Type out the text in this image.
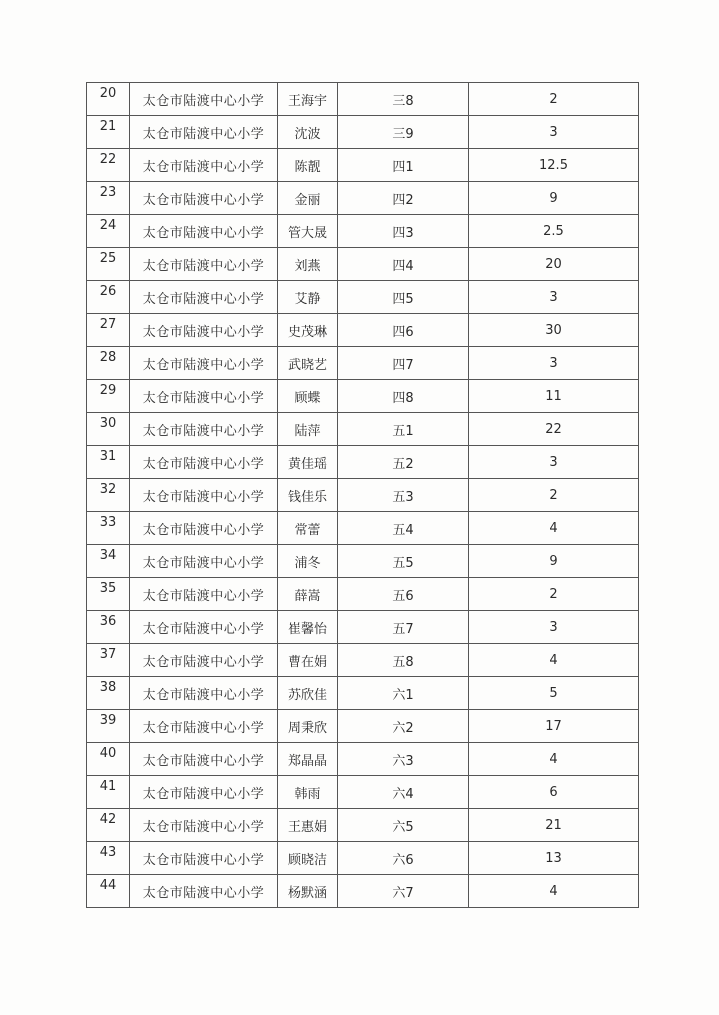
20	太仓市陆渡中心小学	王海宇	三8	2
21	太仓市陆渡中心小学	沈波	三9	3
22	太仓市陆渡中心小学	陈靓	四1	12.5
23	太仓市陆渡中心小学	金丽	四2	9
24	太仓市陆渡中心小学	管大晟	四3	2.5
25	太仓市陆渡中心小学	刘燕	四4	20
26	太仓市陆渡中心小学	艾静	四5	3
27	太仓市陆渡中心小学	史茂琳	四6	30
28	太仓市陆渡中心小学	武晓艺	四7	3
29	太仓市陆渡中心小学	顾蝶	四8	11
30	太仓市陆渡中心小学	陆萍	五1	22
31	太仓市陆渡中心小学	黄佳瑶	五2	3
32	太仓市陆渡中心小学	钱佳乐	五3	2
33	太仓市陆渡中心小学	常蕾	五4	4
34	太仓市陆渡中心小学	浦冬	五5	9
35	太仓市陆渡中心小学	薛嵩	五6	2
36	太仓市陆渡中心小学	崔馨怡	五7	3
37	太仓市陆渡中心小学	曹在娟	五8	4
38	太仓市陆渡中心小学	苏欣佳	六1	5
39	太仓市陆渡中心小学	周秉欣	六2	17
40	太仓市陆渡中心小学	郑晶晶	六3	4
41	太仓市陆渡中心小学	韩雨	六4	6
42	太仓市陆渡中心小学	王惠娟	六5	21
43	太仓市陆渡中心小学	顾晓洁	六6	13
44	太仓市陆渡中心小学	杨默涵	六7	4
